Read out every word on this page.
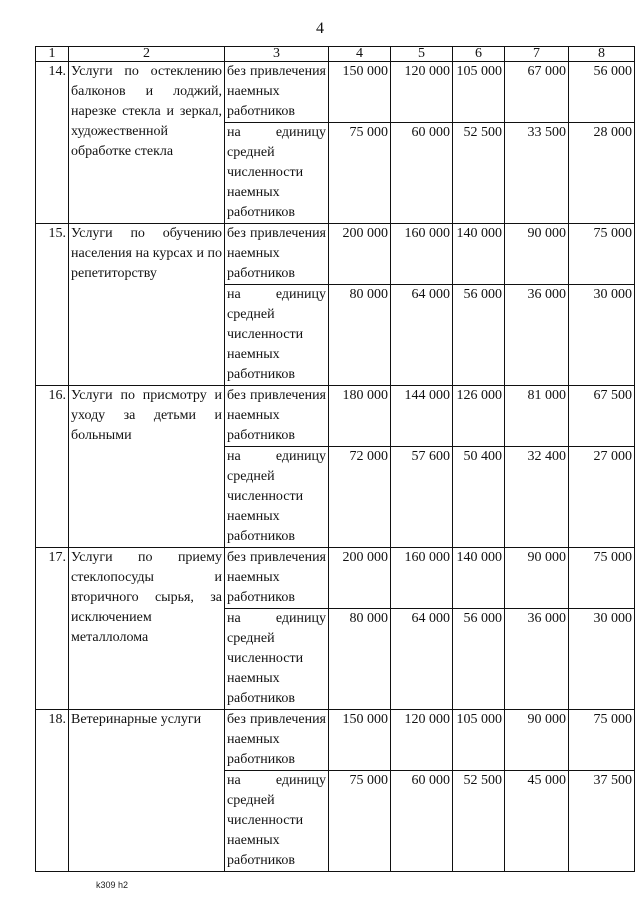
4
1	2	3	4	5	6	7	8
14.	Услуги по остеклению балконов и лоджий, нарезке стекла и зеркал, художественной обработке стекла	без привлечения наемных работников	150 000	120 000	105 000	67 000	56 000
		на единицу средней численности наемных работников	75 000	60 000	52 500	33 500	28 000
15.	Услуги по обучению населения на курсах и по репетиторству	без привлечения наемных работников	200 000	160 000	140 000	90 000	75 000
		на единицу средней численности наемных работников	80 000	64 000	56 000	36 000	30 000
16.	Услуги по присмотру и уходу за детьми и больными	без привлечения наемных работников	180 000	144 000	126 000	81 000	67 500
		на единицу средней численности наемных работников	72 000	57 600	50 400	32 400	27 000
17.	Услуги по приему стеклопосуды и вторичного сырья, за исключением металлолома	без привлечения наемных работников	200 000	160 000	140 000	90 000	75 000
		на единицу средней численности наемных работников	80 000	64 000	56 000	36 000	30 000
18.	Ветеринарные услуги	без привлечения наемных работников	150 000	120 000	105 000	90 000	75 000
		на единицу средней численности наемных работников	75 000	60 000	52 500	45 000	37 500
k309 h2
